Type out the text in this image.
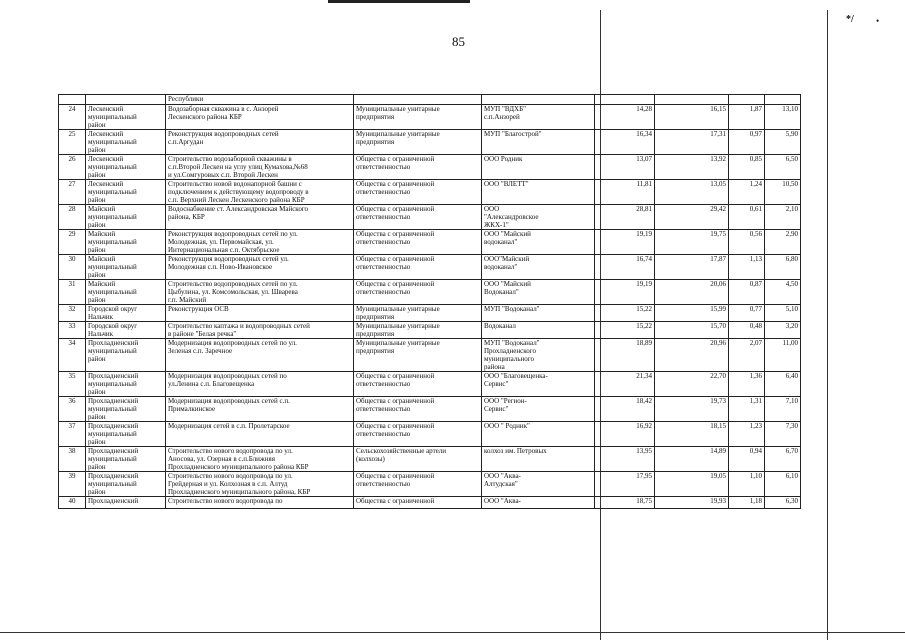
85
*/ •
		Республики						
24	Лескенский
муниципальный
район	Водозаборная скважина в с. Анзорей
Лескенского района КБР	Муниципальные унитарные
предприятия	МУП "ВДХБ"
с.п.Анзорей	14,28	16,15	1,87	13,10
25	Лескенский
муниципальный
район	Реконструкция водопроводных сетей
с.п.Аргудан	Муниципальные унитарные
предприятия	МУП "Благострой"	16,34	17,31	0,97	5,90
26	Лескенский
муниципальный
район	Строительство водозаборной скважины в
с.п.Второй Лескен на углу улиц Кумахова,№68
и ул.Сомгуровых с.п. Второй Лескен	Общества с ограниченной
ответственностью	ООО Родник	13,07	13,92	0,85	6,50
27	Лескенский
муниципальный
район	Строительство новой водонапорной башни с
подключением к действующему водопроводу в
с.п. Верхний Лескен Лескенского района КБР	Общества с ограниченной
ответственностью	ООО "ВЛЕТТ"	11,81	13,05	1,24	10,50
28	Майский
муниципальный
район	Водоснабжение ст. Александровская Майского
района, КБР	Общества с ограниченной
ответственностью	ООО
"Александровское
ЖКХ-1"	28,81	29,42	0,61	2,10
29	Майский
муниципальный
район	Реконструкция водопроводных сетей по ул.
Молодежная, ул. Первомайская, ул.
Интернациональная с.п. Октябрьское	Общества с ограниченной
ответственностью	ООО "Майский
водоканал"	19,19	19,75	0,56	2,90
30	Майский
муниципальный
район	Реконструкция водопроводных сетей ул.
Молодежная с.п. Ново-Ивановское	Общества с ограниченной
ответственностью	ООО"Майский
водоканал"	16,74	17,87	1,13	6,80
31	Майский
муниципальный
район	Строительство водопроводных сетей по ул.
Цыбулина, ул. Комсомольская, ул. Шварева
г.п. Майский	Общества с ограниченной
ответственностью	ООО "Майский
Водоканал"	19,19	20,06	0,87	4,50
32	Городской округ
Нальчик	Реконструкция ОСВ	Муниципальные унитарные
предприятия	МУП "Водоканал"	15,22	15,99	0,77	5,10
33	Городской округ
Нальчик	Строительство каптажа и водопроводных сетей
в районе "Белая речка"	Муниципальные унитарные
предприятия	Водоканал	15,22	15,70	0,48	3,20
34	Прохладненский
муниципальный
район	Модернизация водопроводных сетей по ул.
Зеленая с.п. Заречное	Муниципальные унитарные
предприятия	МУП "Водоканал"
Прохладненского
муниципального
района	18,89	20,96	2,07	11,00
35	Прохладненский
муниципальный
район	Модернизация водопроводных сетей по
ул.Ленина с.п. Благовещенка	Общества с ограниченной
ответственностью	ООО "Благовещенка-
Сервис"	21,34	22,70	1,36	6,40
36	Прохладненский
муниципальный
район	Модернизация водопроводных сетей с.п.
Прималкинское	Общества с ограниченной
ответственностью	ООО "Регион-
Сервис"	18,42	19,73	1,31	7,10
37	Прохладненский
муниципальный
район	Модернизация сетей в с.п. Пролетарское	Общества с ограниченной
ответственностью	ООО " Родник"	16,92	18,15	1,23	7,30
38	Прохладненский
муниципальный
район	Строительство нового водопровода по ул.
Аносова, ул. Озерная в с.п.Ближняя
Прохладненского муниципального района КБР	Сельскохозяйственные артели
(колхозы)	колхоз им. Петровых	13,95	14,89	0,94	6,70
39	Прохладненский
муниципальный
район	Строительство нового водопровода по ул.
Грейдерная и ул. Колхозная в с.п. Алтуд
Прохладненского муниципального района, КБР	Общества с ограниченной
ответственностью	ООО "Аква-
Алтудская"	17,95	19,05	1,10	6,10
40	Прохладненский	Строительство нового водопровода по	Общества с ограниченной	ООО "Аква-	18,75	19,93	1,18	6,30
